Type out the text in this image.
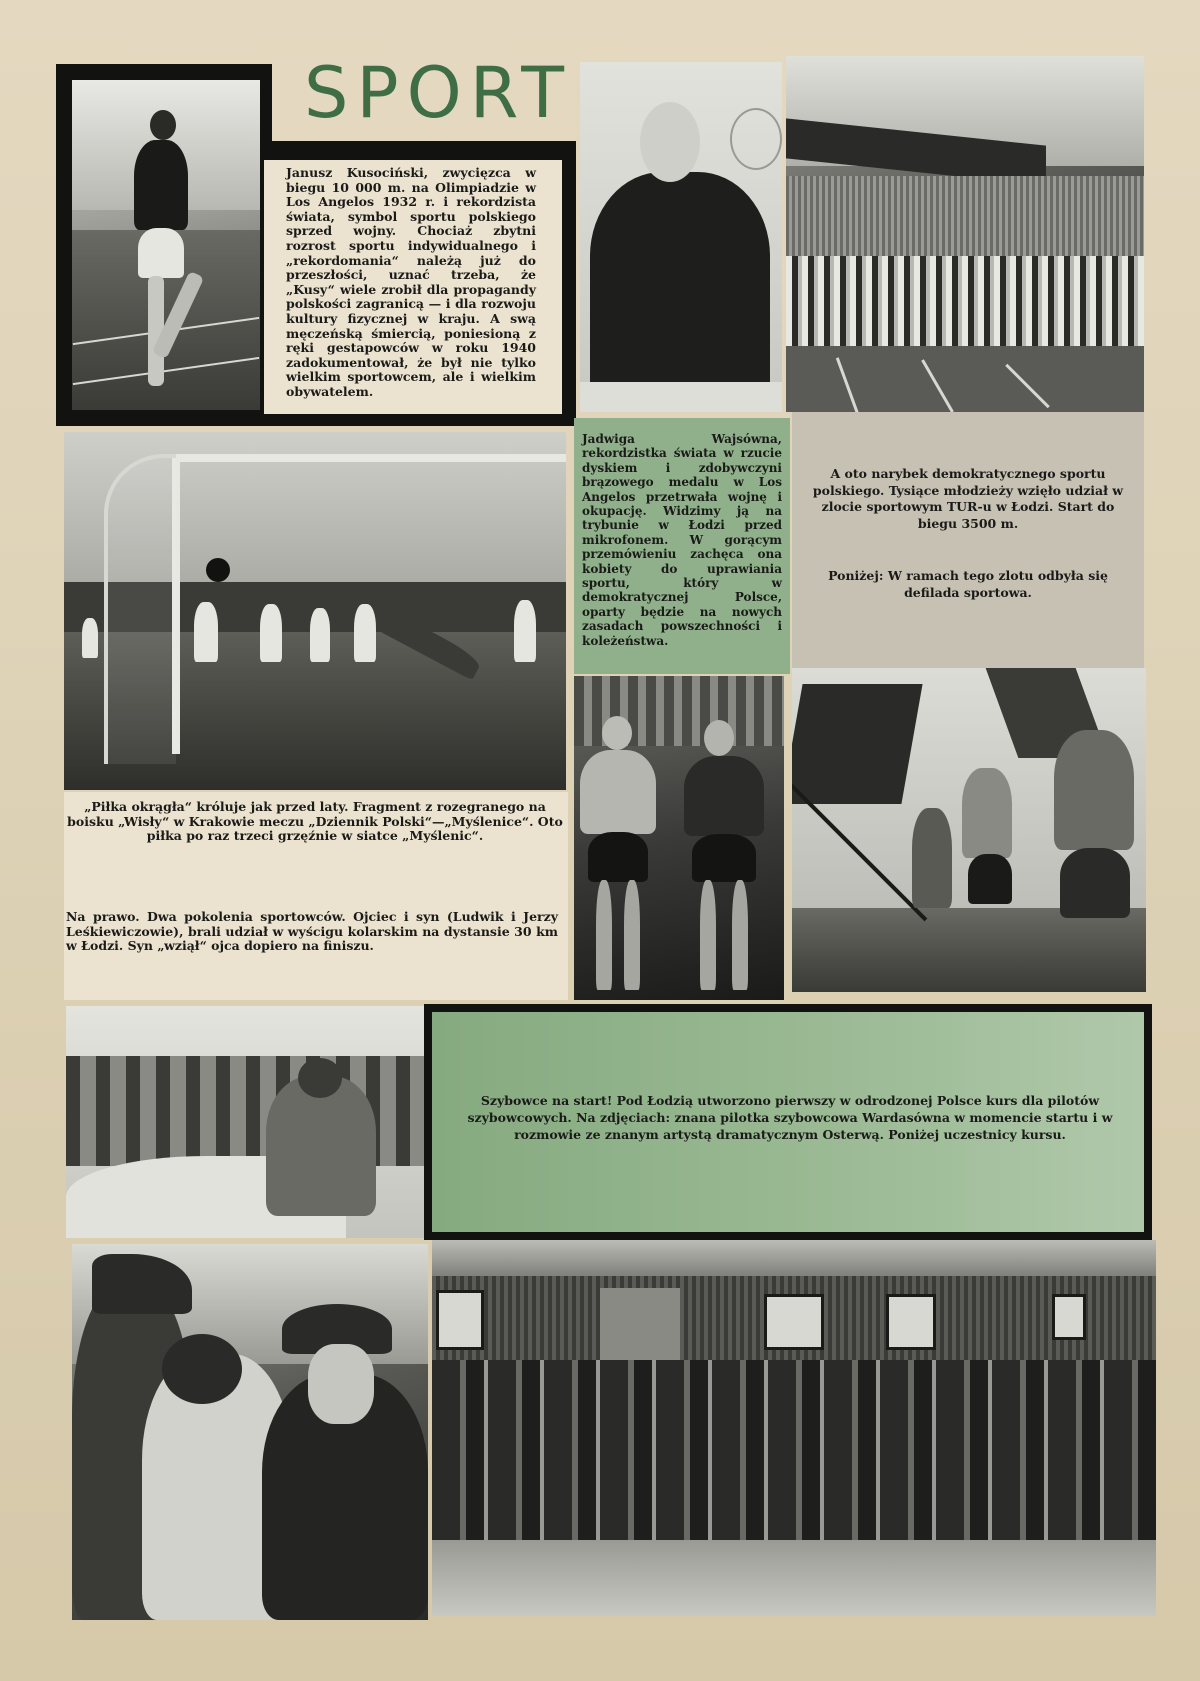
SPORT
Janusz Kusociński, zwycięzca w biegu 10 000 m. na Olimpiadzie w Los Angelos 1932 r. i rekordzista świata, symbol sportu polskiego sprzed wojny. Chociaż zbytni rozrost sportu indywidualnego i „rekordomania“ należą już do przeszłości, uznać trzeba, że „Kusy“ wiele zrobił dla propagandy polskości zagranicą — i dla rozwoju kultury fizycznej w kraju. A swą męczeńską śmiercią, poniesioną z ręki gestapowców w roku 1940 zadokumentował, że był nie tylko wielkim sportowcem, ale i wielkim obywatelem.
„Piłka okrągła“ króluje jak przed laty. Fragment z rozegranego na boisku „Wisły“ w Krakowie meczu „Dziennik Polski“—„Myślenice“. Oto piłka po raz trzeci grzęźnie w siatce „Myślenic“.
Na prawo. Dwa pokolenia sportowców. Ojciec i syn (Ludwik i Jerzy Leśkiewiczowie), brali udział w wyścigu kolarskim na dystansie 30 km w Łodzi. Syn „wziął“ ojca dopiero na finiszu.
Jadwiga Wajsówna, rekordzistka świata w rzucie dyskiem i zdobywczyni brązowego medalu w Los Angelos przetrwała wojnę i okupację. Widzimy ją na trybunie w Łodzi przed mikrofonem. W gorącym przemówieniu zachęca ona kobiety do uprawiania sportu, który w demokratycznej Polsce, oparty będzie na nowych zasadach powszechności i koleżeństwa.
A oto narybek demokratycznego sportu polskiego. Tysiące młodzieży wzięło udział w zlocie sportowym TUR-u w Łodzi. Start do biegu 3500 m.
Poniżej: W ramach tego zlotu odbyła się defilada sportowa.
Szybowce na start! Pod Łodzią utworzono pierwszy w odrodzonej Polsce kurs dla pilotów szybowcowych. Na zdjęciach: znana pilotka szybowcowa Wardasówna w momencie startu i w rozmowie ze znanym artystą dramatycznym Osterwą. Poniżej uczestnicy kursu.
